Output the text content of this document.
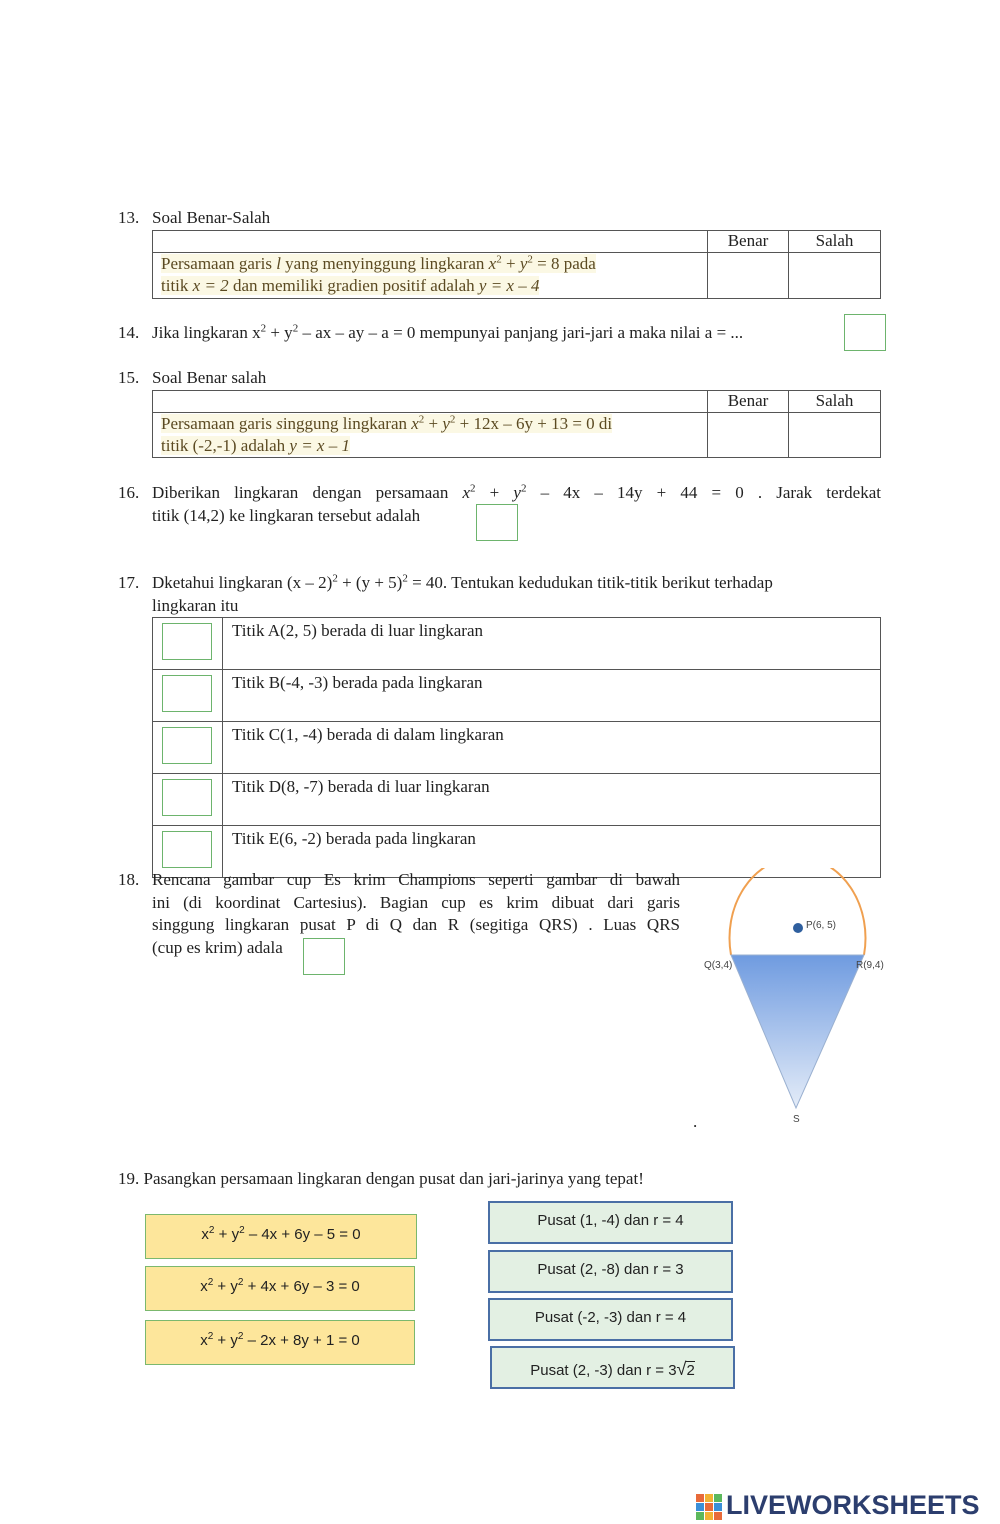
13. Soal Benar-Salah
	Benar	Salah

Persamaan garis l yang menyinggung lingkaran $x^2 + y^2 = 8$ pada
titik x = 2 dan memiliki gradien positif adalah y = x – 4		

14. Jika lingkaran $x^2 + y^2$ – ax – ay – a = 0 mempunyai panjang jari-jari a maka nilai a = ...
15. Soal Benar salah
	Benar	Salah

Persamaan garis singgung lingkaran $x^2 + y^2 + 12x - 6y + 13 = 0$ di
titik (-2,-1) adalah y = x – 1		

16. Diberikan lingkaran dengan persamaan $x^2 + y^2 - 4x - 14y + 44 = 0$ . Jarak terdekat
titik (14,2) ke lingkaran tersebut adalah
17. Dketahui lingkaran $(x - 2)^2 + (y + 5)^2 = 40$. Tentukan kedudukan titik-titik berikut terhadap
lingkaran itu
	Titik A(2, 5) berada di luar lingkaran

	Titik B(-4, -3) berada pada lingkaran

	Titik C(1, -4) berada di dalam lingkaran

	Titik D(8, -7) berada di luar lingkaran

	Titik E(6, -2) berada pada lingkaran
18. Rencana gambar cup Es krim Champions seperti gambar di bawah
ini (di koordinat Cartesius). Bagian cup es krim dibuat dari garis
singgung lingkaran pusat P di Q dan R (segitiga QRS) . Luas QRS
(cup es krim) adala
P(6, 5)
Q(3,4)	R(9,4)
S
.
19. Pasangkan persamaan lingkaran dengan pusat dan jari-jarinya yang tepat!
$x^2 + y^2 - 4x + 6y - 5 = 0$
$x^2 + y^2 + 4x + 6y - 3 = 0$
$x^2 + y^2 - 2x + 8y + 1 = 0$
Pusat (1, -4) dan r = 4
Pusat (2, -8) dan r = 3
Pusat (-2, -3) dan r = 4
Pusat (2, -3) dan r = 3√2
LIVEWORKSHEETS
